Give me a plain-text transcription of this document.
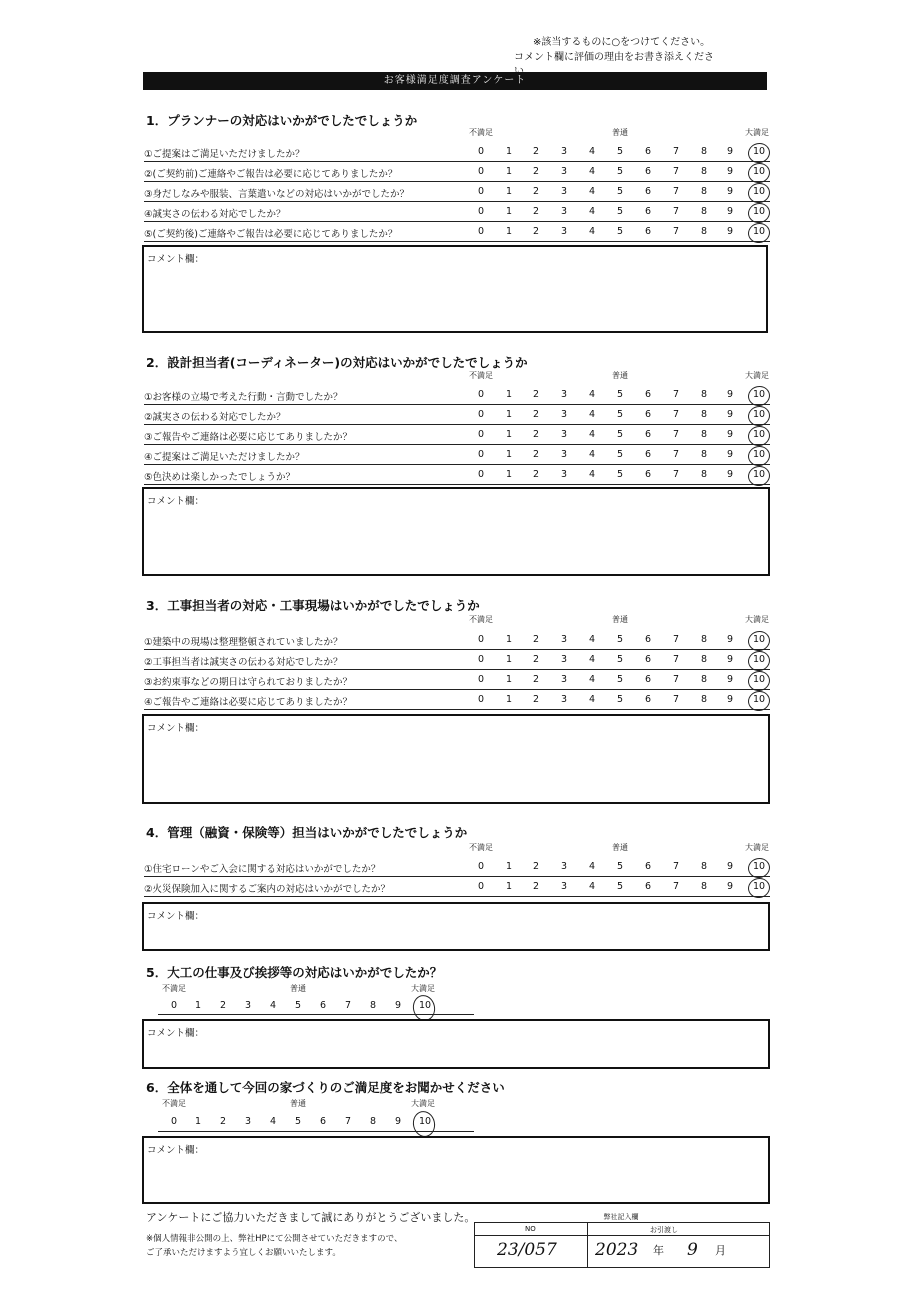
※該当するものに○をつけてください。
コメント欄に評価の理由をお書き添えくださ
お客様満足度調査アンケート
1．プランナーの対応はいかがでしたでしょうか
不満足	普通	大満足
①ご提案はご満足いただけましたか？	0	1	2	3	4	5	6	7	8	9	10
②(ご契約前)ご連絡やご報告は必要に応じてありましたか？	0	1	2	3	4	5	6	7	8	9	10
③身だしなみや服装、言葉遣いなどの対応はいかがでしたか？	0	1	2	3	4	5	6	7	8	9	10
④誠実さの伝わる対応でしたか？	0	1	2	3	4	5	6	7	8	9	10
⑤(ご契約後)ご連絡やご報告は必要に応じてありましたか？	0	1	2	3	4	5	6	7	8	9	10
コメント欄：
2．設計担当者(コーディネーター)の対応はいかがでしたでしょうか
不満足	普通	大満足
①お客様の立場で考えた行動・言動でしたか？	0	1	2	3	4	5	6	7	8	9	10
②誠実さの伝わる対応でしたか？	0	1	2	3	4	5	6	7	8	9	10
③ご報告やご連絡は必要に応じてありましたか？	0	1	2	3	4	5	6	7	8	9	10
④ご提案はご満足いただけましたか？	0	1	2	3	4	5	6	7	8	9	10
⑤色決めは楽しかったでしょうか？	0	1	2	3	4	5	6	7	8	9	10
コメント欄：
3．工事担当者の対応・工事現場はいかがでしたでしょうか
不満足	普通	大満足
①建築中の現場は整理整頓されていましたか？	0	1	2	3	4	5	6	7	8	9	10
②工事担当者は誠実さの伝わる対応でしたか？	0	1	2	3	4	5	6	7	8	9	10
③お約束事などの期日は守られておりましたか？	0	1	2	3	4	5	6	7	8	9	10
④ご報告やご連絡は必要に応じてありましたか？	0	1	2	3	4	5	6	7	8	9	10
コメント欄：
4．管理（融資・保険等）担当はいかがでしたでしょうか
不満足	普通	大満足
①住宅ローンやご入会に関する対応はいかがでしたか？	0	1	2	3	4	5	6	7	8	9	10
②火災保険加入に関するご案内の対応はいかがでしたか？	0	1	2	3	4	5	6	7	8	9	10
コメント欄：
5．大工の仕事及び挨拶等の対応はいかがでしたか？
不満足	普通	大満足
0	1	2	3	4	5	6	7	8	9	10
コメント欄：
6．全体を通して今回の家づくりのご満足度をお聞かせください
不満足	普通	大満足
0	1	2	3	4	5	6	7	8	9	10
コメント欄：
アンケートにご協力いただきまして誠にありがとうございました。
※個人情報非公開の上、弊社HPにて公開させていただきますので、
ご了承いただけますよう宜しくお願いいたします。
弊社記入欄
NO	お引渡し
23/057 2023 年 9 月
